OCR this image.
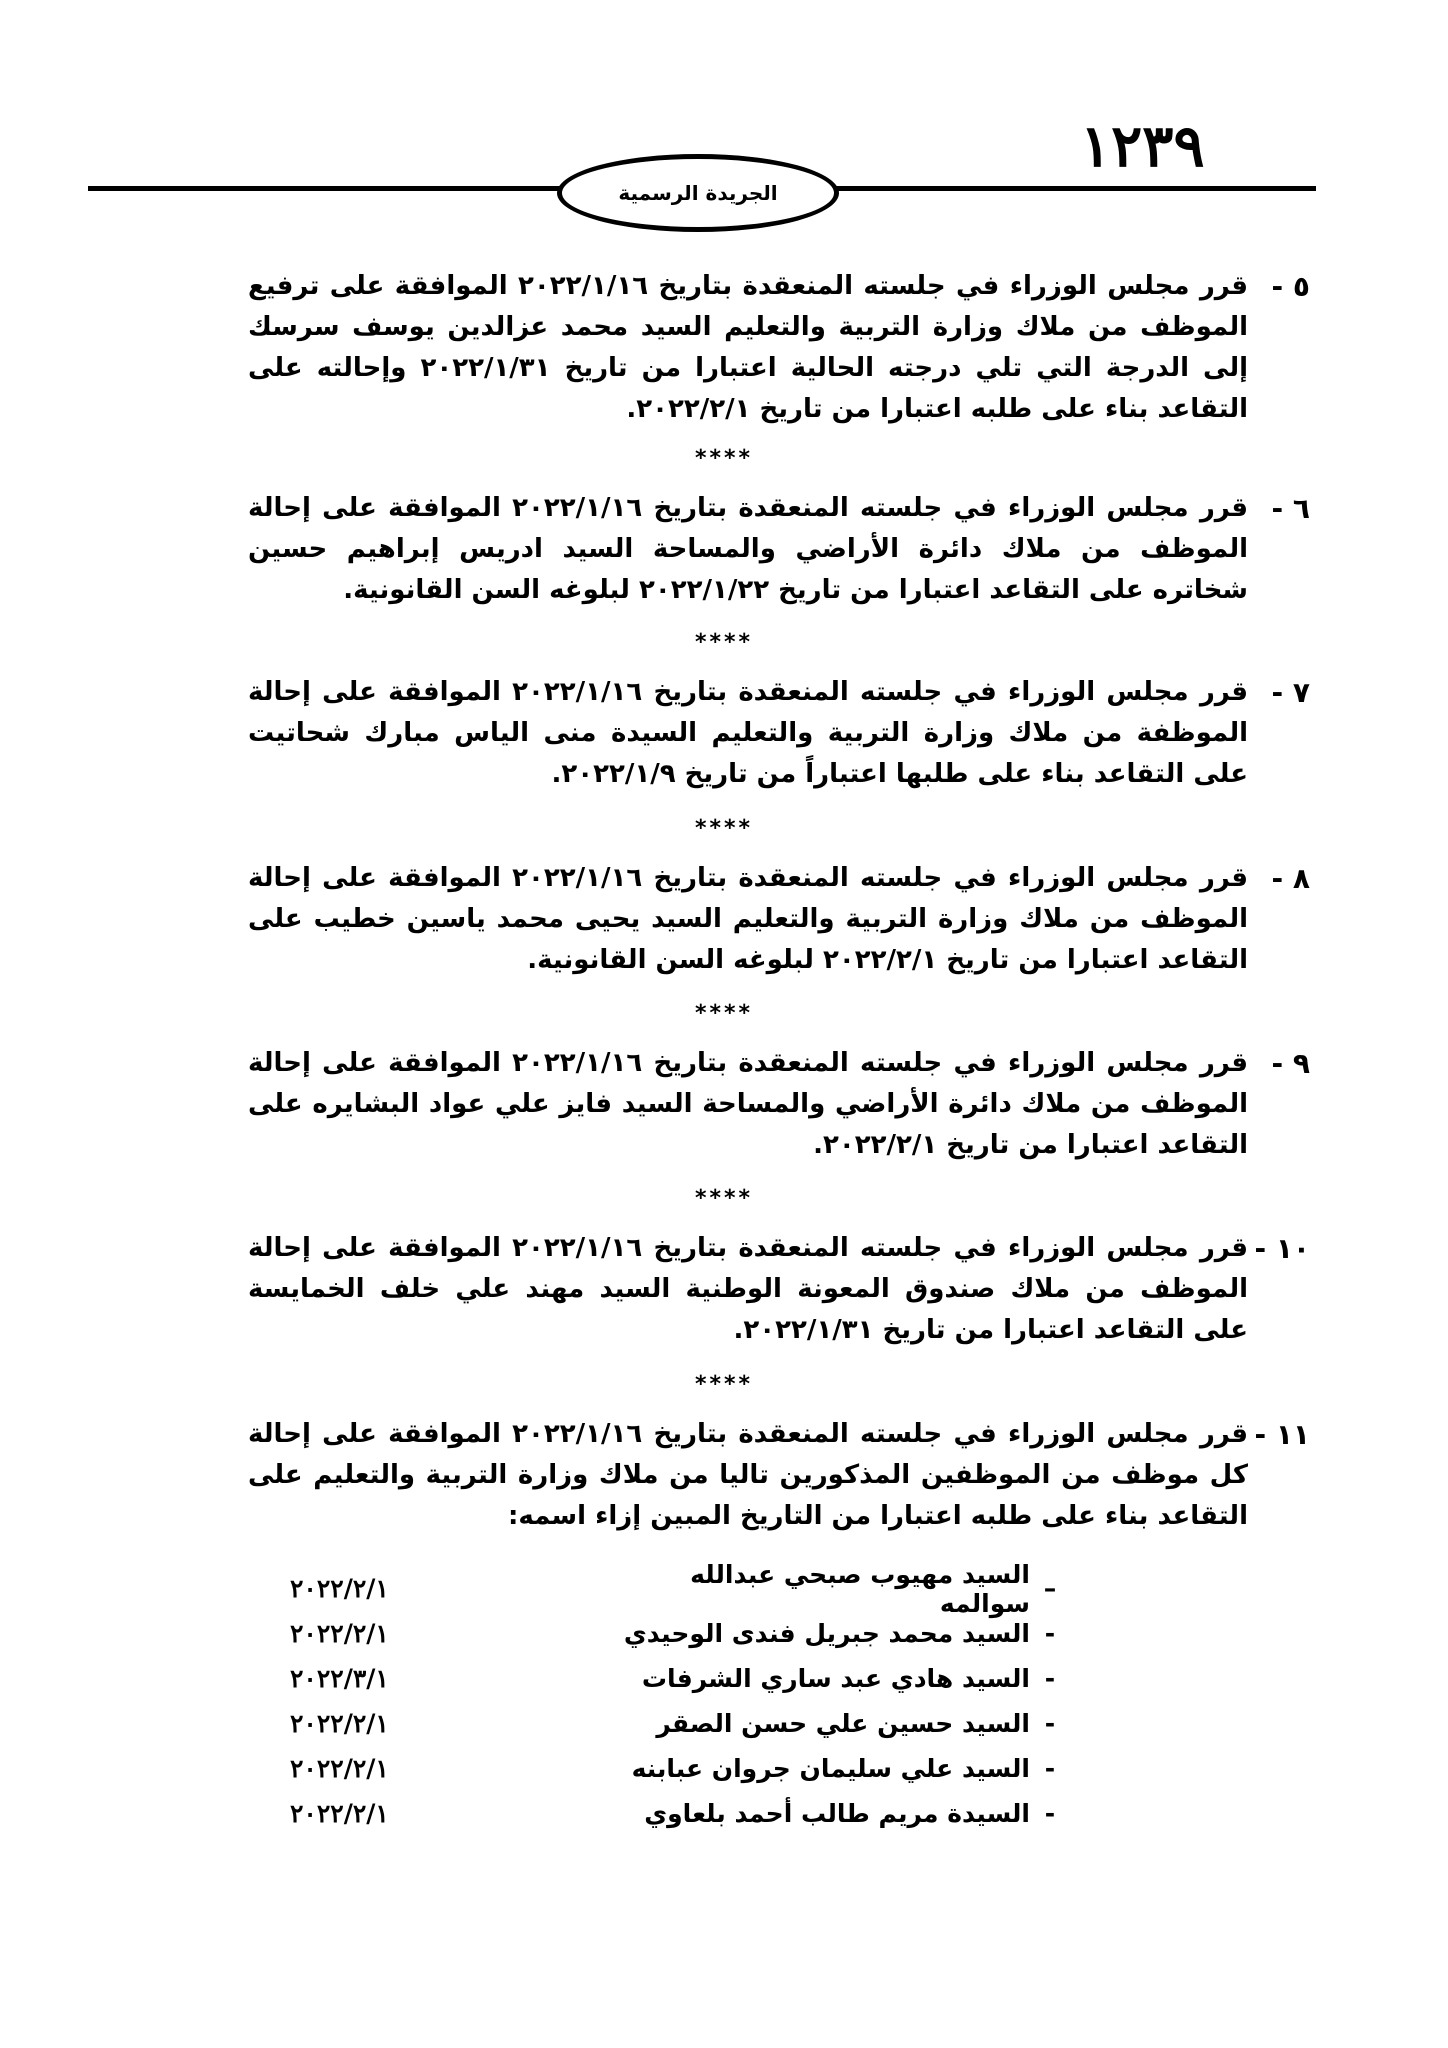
١٢٣٩
الجريدة الرسمية
٥ -
قرر مجلس الوزراء في جلسته المنعقدة بتاريخ ٢٠٢٢/١/١٦ الموافقة على ترفيع الموظف من ملاك وزارة التربية والتعليم السيد محمد عزالدين يوسف سرسك إلى الدرجة التي تلي درجته الحالية اعتبارا من تاريخ ٢٠٢٢/١/٣١ وإحالته على التقاعد بناء على طلبه اعتبارا من تاريخ ٢٠٢٢/٢/١.
****
٦ -
قرر مجلس الوزراء في جلسته المنعقدة بتاريخ ٢٠٢٢/١/١٦ الموافقة على إحالة الموظف من ملاك دائرة الأراضي والمساحة السيد ادريس إبراهيم حسين شخاتره على التقاعد اعتبارا من تاريخ ٢٠٢٢/١/٢٢ لبلوغه السن القانونية.
****
٧ -
قرر مجلس الوزراء في جلسته المنعقدة بتاريخ ٢٠٢٢/١/١٦ الموافقة على إحالة الموظفة من ملاك وزارة التربية والتعليم السيدة منى الياس مبارك شحاتيت على التقاعد بناء على طلبها اعتباراً من تاريخ ٢٠٢٢/١/٩.
****
٨ -
قرر مجلس الوزراء في جلسته المنعقدة بتاريخ ٢٠٢٢/١/١٦ الموافقة على إحالة الموظف من ملاك وزارة التربية والتعليم السيد يحيى محمد ياسين خطيب على التقاعد اعتبارا من تاريخ ٢٠٢٢/٢/١ لبلوغه السن القانونية.
****
٩ -
قرر مجلس الوزراء في جلسته المنعقدة بتاريخ ٢٠٢٢/١/١٦ الموافقة على إحالة الموظف من ملاك دائرة الأراضي والمساحة السيد فايز علي عواد البشايره على التقاعد اعتبارا من تاريخ ٢٠٢٢/٢/١.
****
١٠ -
قرر مجلس الوزراء في جلسته المنعقدة بتاريخ ٢٠٢٢/١/١٦ الموافقة على إحالة الموظف من ملاك صندوق المعونة الوطنية السيد مهند علي خلف الخمايسة على التقاعد اعتبارا من تاريخ ٢٠٢٢/١/٣١.
****
١١ -
قرر مجلس الوزراء في جلسته المنعقدة بتاريخ ٢٠٢٢/١/١٦ الموافقة على إحالة كل موظف من الموظفين المذكورين تاليا من ملاك وزارة التربية والتعليم على التقاعد بناء على طلبه اعتبارا من التاريخ المبين إزاء اسمه:
–
السيد مهيوب صبحي عبدالله سوالمه
٢٠٢٢/٢/١
-
السيد محمد جبريل فندى الوحيدي
٢٠٢٢/٢/١
-
السيد هادي عبد ساري الشرفات
٢٠٢٢/٣/١
-
السيد حسين علي حسن الصقر
٢٠٢٢/٢/١
-
السيد علي سليمان جروان عبابنه
٢٠٢٢/٢/١
-
السيدة مريم طالب أحمد بلعاوي
٢٠٢٢/٢/١
